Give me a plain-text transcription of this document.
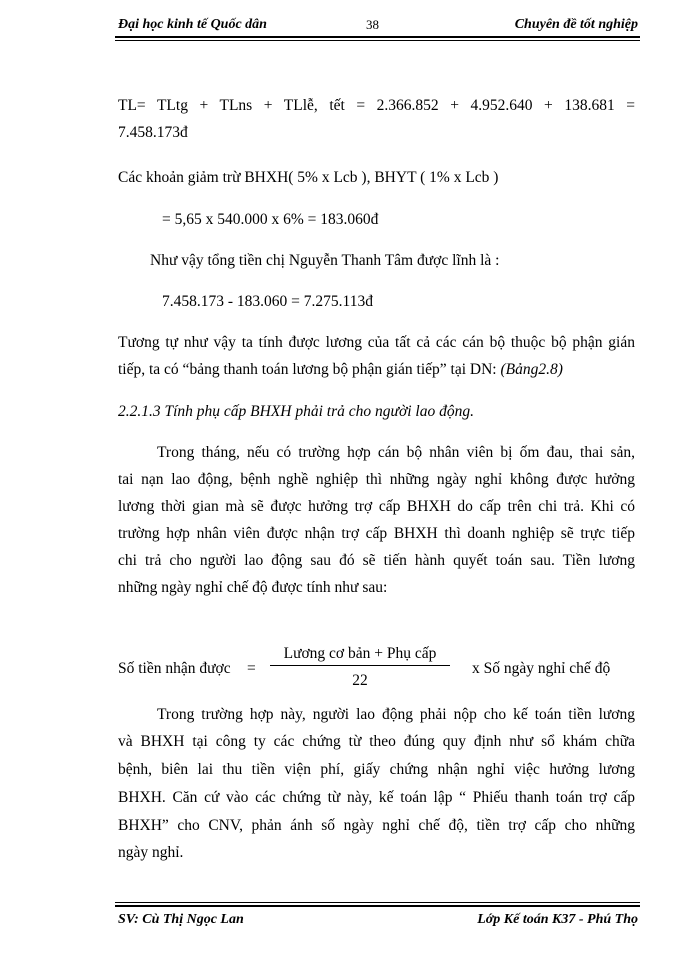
Đại học kinh tế Quốc dân	38	Chuyên đề tốt nghiệp
TL= TLtg + TLns + TLlễ, tết = 2.366.852 + 4.952.640 + 138.681 =
7.458.173đ
Các khoản giảm trừ BHXH( 5% x Lcb ), BHYT ( 1% x Lcb )
= 5,65 x 540.000 x 6% = 183.060đ
Như vậy tổng tiền chị Nguyễn Thanh Tâm được lĩnh là :
7.458.173 - 183.060 = 7.275.113đ
Tương tự như vậy ta tính được lương của tất cả các cán bộ thuộc bộ phận gián
tiếp, ta có “bảng thanh toán lương bộ phận gián tiếp” tại DN: (Bảng2.8)
2.2.1.3 Tính phụ cấp BHXH phải trả cho người lao động.
Trong tháng, nếu có trường hợp cán bộ nhân viên bị ốm đau, thai sản,
tai nạn lao động, bệnh nghề nghiệp thì những ngày nghỉ không được hưởng
lương thời gian mà sẽ được hưởng trợ cấp BHXH do cấp trên chi trả. Khi có
trường hợp nhân viên được nhận trợ cấp BHXH thì doanh nghiệp sẽ trực tiếp
chi trả cho người lao động sau đó sẽ tiến hành quyết toán sau. Tiền lương
những ngày nghỉ chế độ được tính như sau:
Số tiền nhận được =
Lương cơ bản + Phụ cấp
22
x Số ngày nghỉ chế độ
Trong trường hợp này, người lao động phải nộp cho kế toán tiền lương
và BHXH tại công ty các chứng từ theo đúng quy định như sổ khám chữa
bệnh, biên lai thu tiền viện phí, giấy chứng nhận nghỉ việc hưởng lương
BHXH. Căn cứ vào các chứng từ này, kế toán lập “ Phiếu thanh toán trợ cấp
BHXH” cho CNV, phản ánh số ngày nghỉ chế độ, tiền trợ cấp cho những
ngày nghỉ.
SV: Cù Thị Ngọc Lan	Lớp Kế toán K37 - Phú Thọ
